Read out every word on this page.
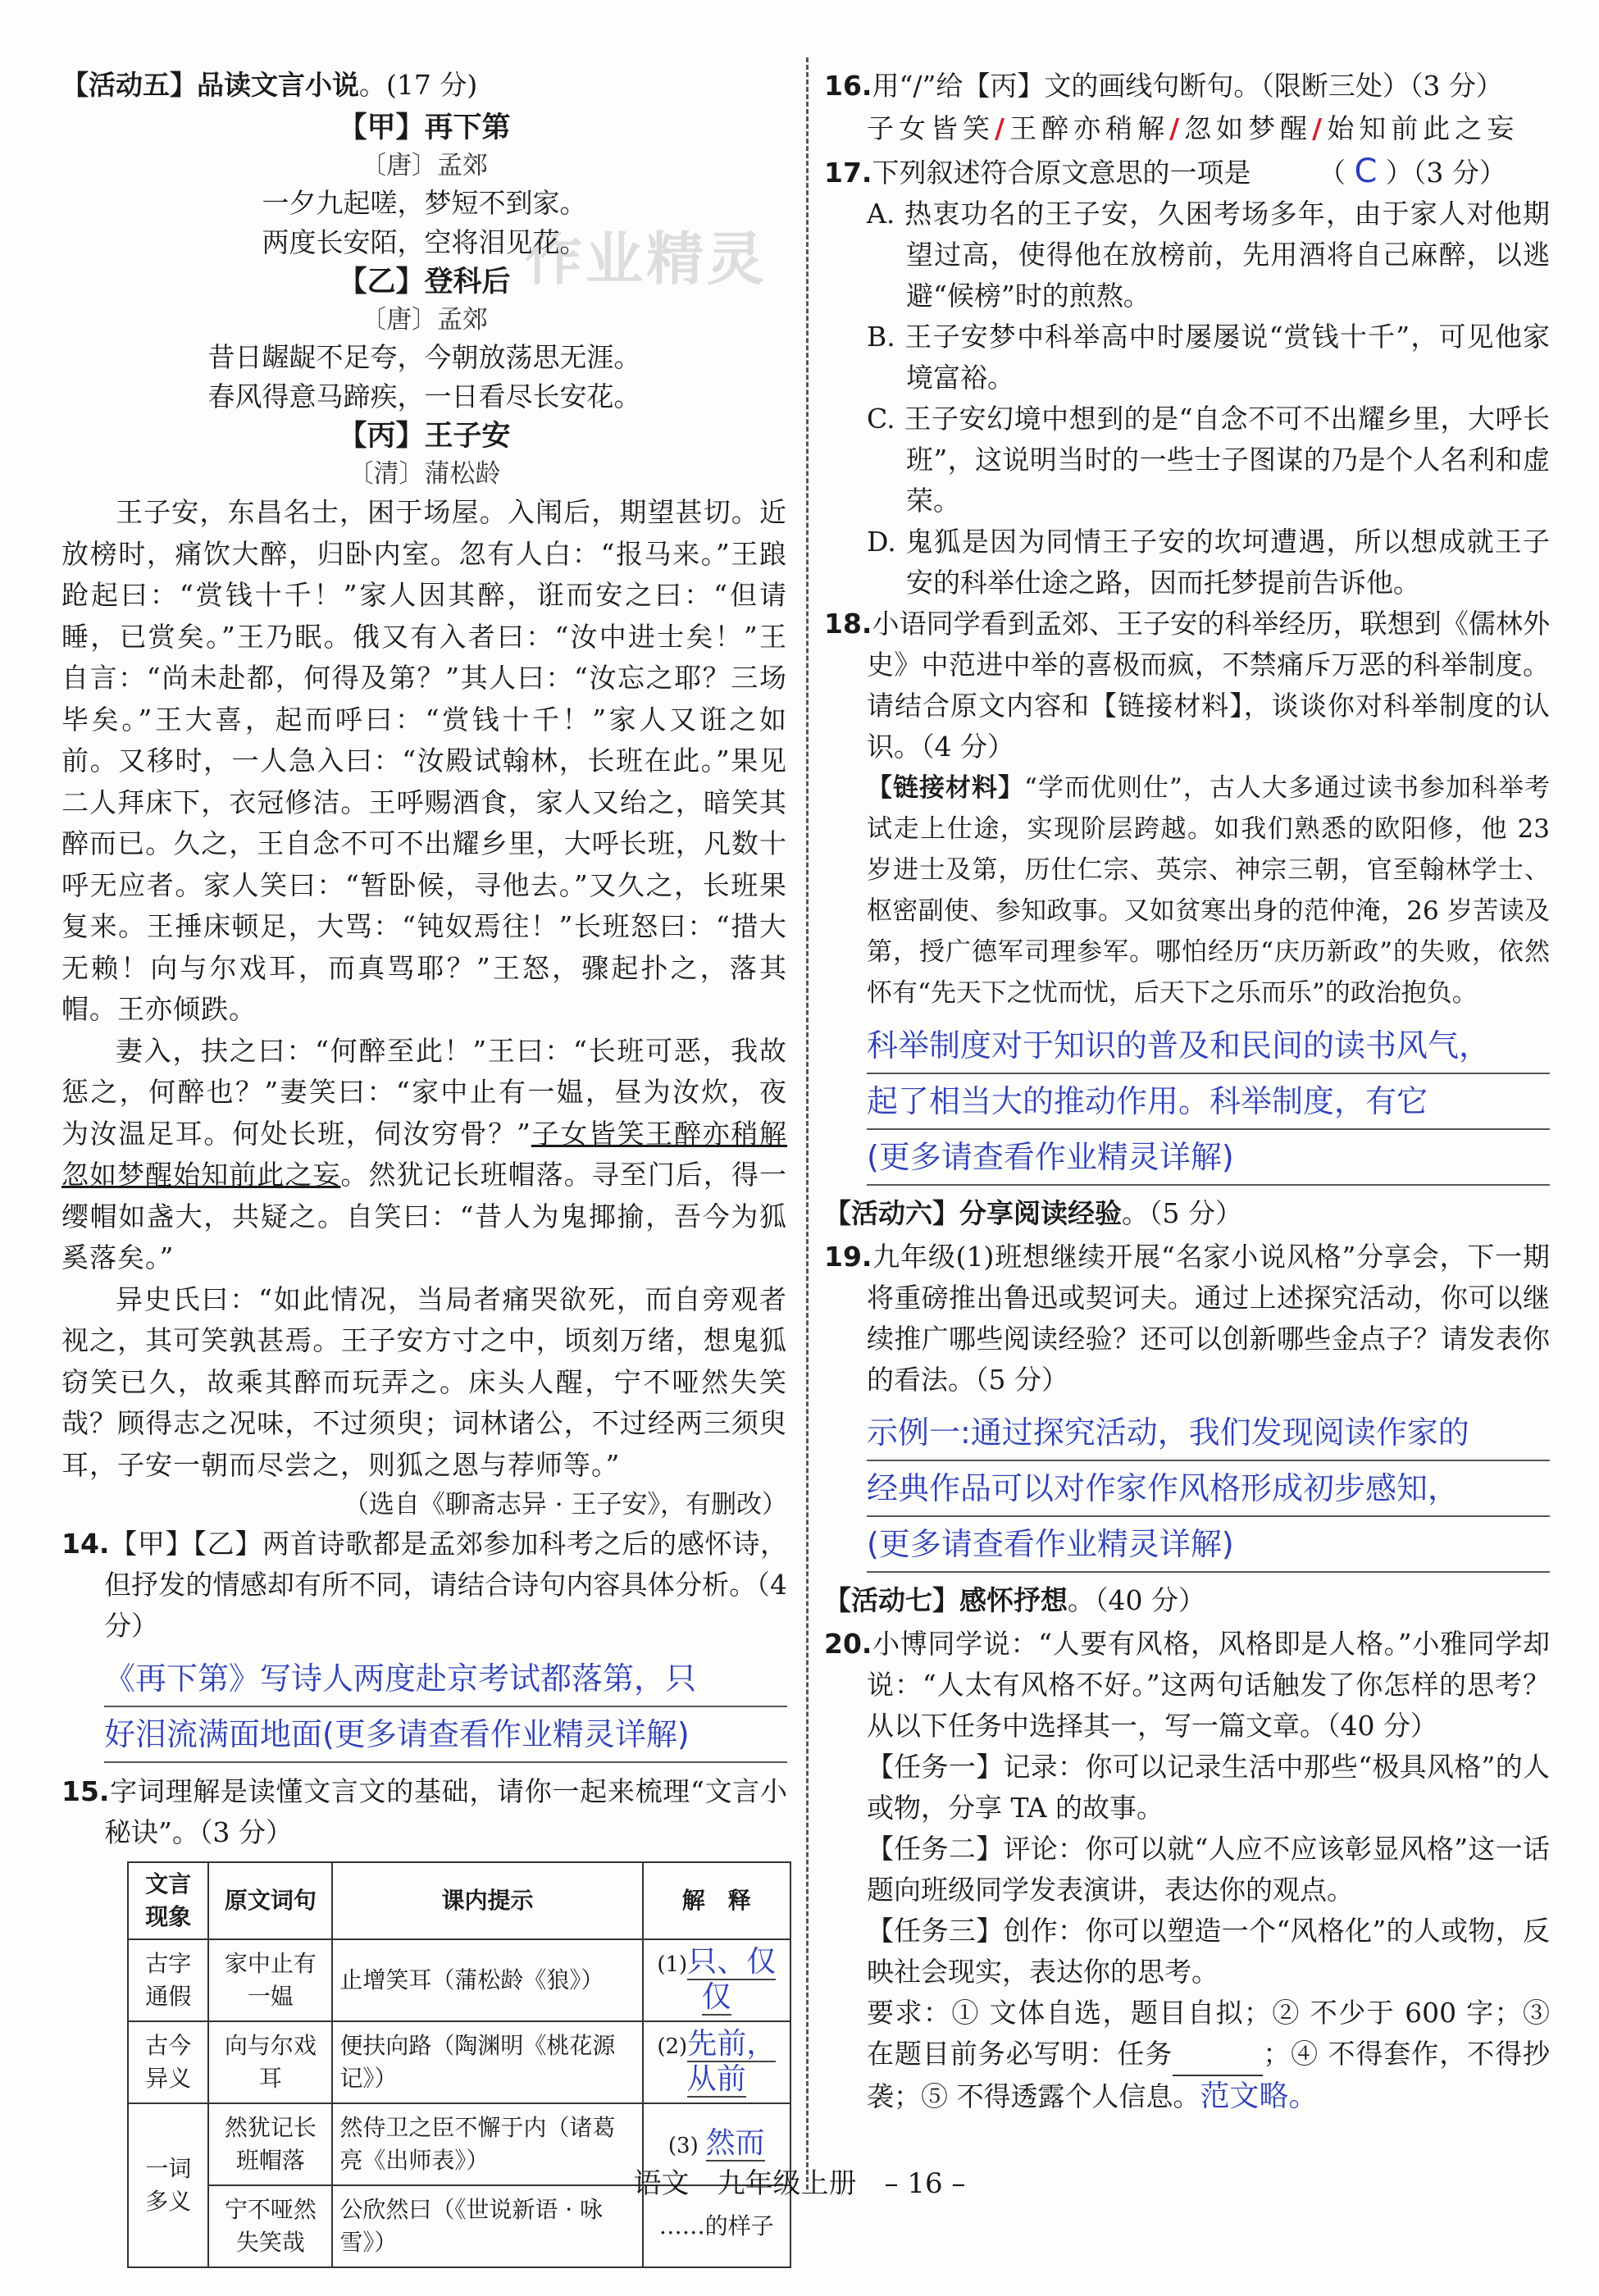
作业精灵
【活动五】品读文言小说。(17 分)
【甲】再下第
〔唐〕孟郊
一夕九起嗟，梦短不到家。
两度长安陌，空将泪见花。
【乙】登科后
〔唐〕孟郊
昔日龌龊不足夸，今朝放荡思无涯。
春风得意马蹄疾，一日看尽长安花。
【丙】王子安
〔清〕蒲松龄

王子安，东昌名士，困于场屋。入闱后，期望甚切。近放榜时，痛饮大醉，归卧内室。忽有人白：“报马来。”王踉跄起曰：“赏钱十千！”家人因其醉，诳而安之曰：“但请睡，已赏矣。”王乃眠。俄又有入者曰：“汝中进士矣！”王自言：“尚未赴都，何得及第？”其人曰：“汝忘之耶？三场毕矣。”王大喜，起而呼曰：“赏钱十千！”家人又诳之如前。又移时，一人急入曰：“汝殿试翰林，长班在此。”果见二人拜床下，衣冠修洁。王呼赐酒食，家人又绐之，暗笑其醉而已。久之，王自念不可不出耀乡里，大呼长班，凡数十呼无应者。家人笑曰：“暂卧候，寻他去。”又久之，长班果复来。王捶床顿足，大骂：“钝奴焉往！”长班怒曰：“措大无赖！向与尔戏耳，而真骂耶？”王怒，骤起扑之，落其帽。王亦倾跌。

妻入，扶之曰：“何醉至此！”王曰：“长班可恶，我故惩之，何醉也？”妻笑曰：“家中止有一媪，昼为汝炊，夜为汝温足耳。何处长班，伺汝穷骨？”子女皆笑王醉亦稍解忽如梦醒始知前此之妄。然犹记长班帽落。寻至门后，得一缨帽如盏大，共疑之。自笑曰：“昔人为鬼揶揄，吾今为狐奚落矣。”

异史氏曰：“如此情况，当局者痛哭欲死，而自旁观者视之，其可笑孰甚焉。王子安方寸之中，顷刻万绪，想鬼狐窃笑已久，故乘其醉而玩弄之。床头人醒，宁不哑然失笑哉？顾得志之况味，不过须臾；词林诸公，不过经两三须臾耳，子安一朝而尽尝之，则狐之恩与荐师等。”

（选自《聊斋志异 · 王子安》，有删改）
14.【甲】【乙】两首诗歌都是孟郊参加科考之后的感怀诗，但抒发的情感却有所不同，请结合诗句内容具体分析。（4 分）
《再下第》写诗人两度赴京考试都落第，只
好泪流满面地面(更多请查看作业精灵详解)
15.字词理解是读懂文言文的基础，请你一起来梳理“文言小秘诀”。（3 分）
文言现象	原文词句	课内提示	解　释
古字通假	家中止有一媪	止增笑耳（蒲松龄《狼》）	(1)只、仅仅
古今异义	向与尔戏耳	便扶向路（陶渊明《桃花源记》）	(2)先前，从前
一词多义	然犹记长班帽落	然侍卫之臣不懈于内（诸葛亮《出师表》）	(3) 然而
	宁不哑然失笑哉	公欣然曰（《世说新语 · 咏雪》）	……的样子
16.用“/”给【丙】文的画线句断句。（限断三处）（3 分）
子女皆笑/王醉亦稍解/忽如梦醒/始知前此之妄
17.下列叙述符合原文意思的一项是　　　（ C ）（3 分）
A. 热衷功名的王子安，久困考场多年，由于家人对他期望过高，使得他在放榜前，先用酒将自己麻醉，以逃避“候榜”时的煎熬。
B. 王子安梦中科举高中时屡屡说“赏钱十千”，可见他家境富裕。
C. 王子安幻境中想到的是“自念不可不出耀乡里，大呼长班”，这说明当时的一些士子图谋的乃是个人名利和虚荣。
D. 鬼狐是因为同情王子安的坎坷遭遇，所以想成就王子安的科举仕途之路，因而托梦提前告诉他。
18.小语同学看到孟郊、王子安的科举经历，联想到《儒林外史》中范进中举的喜极而疯，不禁痛斥万恶的科举制度。请结合原文内容和【链接材料】，谈谈你对科举制度的认识。（4 分）
【链接材料】“学而优则仕”，古人大多通过读书参加科举考试走上仕途，实现阶层跨越。如我们熟悉的欧阳修，他 23 岁进士及第，历仕仁宗、英宗、神宗三朝，官至翰林学士、枢密副使、参知政事。又如贫寒出身的范仲淹，26 岁苦读及第，授广德军司理参军。哪怕经历“庆历新政”的失败，依然怀有“先天下之忧而忧，后天下之乐而乐”的政治抱负。
科举制度对于知识的普及和民间的读书风气，
起了相当大的推动作用。科举制度，有它
(更多请查看作业精灵详解)
【活动六】分享阅读经验。（5 分）
19.九年级(1)班想继续开展“名家小说风格”分享会，下一期将重磅推出鲁迅或契诃夫。通过上述探究活动，你可以继续推广哪些阅读经验？还可以创新哪些金点子？请发表你的看法。（5 分）
示例一:通过探究活动，我们发现阅读作家的
经典作品可以对作家作风格形成初步感知，
(更多请查看作业精灵详解)
【活动七】感怀抒想。（40 分）
20.小博同学说：“人要有风格，风格即是人格。”小雅同学却说：“人太有风格不好。”这两句话触发了你怎样的思考？从以下任务中选择其一，写一篇文章。（40 分）
【任务一】记录：你可以记录生活中那些“极具风格”的人或物，分享 TA 的故事。
【任务二】评论：你可以就“人应不应该彰显风格”这一话题向班级同学发表演讲，表达你的观点。
【任务三】创作：你可以塑造一个“风格化”的人或物，反映社会现实，表达你的思考。
要求：① 文体自选，题目自拟；② 不少于 600 字；③ 在题目前务必写明：任务	；④ 不得套作，不得抄袭；⑤ 不得透露个人信息。范文略。
语文　九年级上册　– 16 –
